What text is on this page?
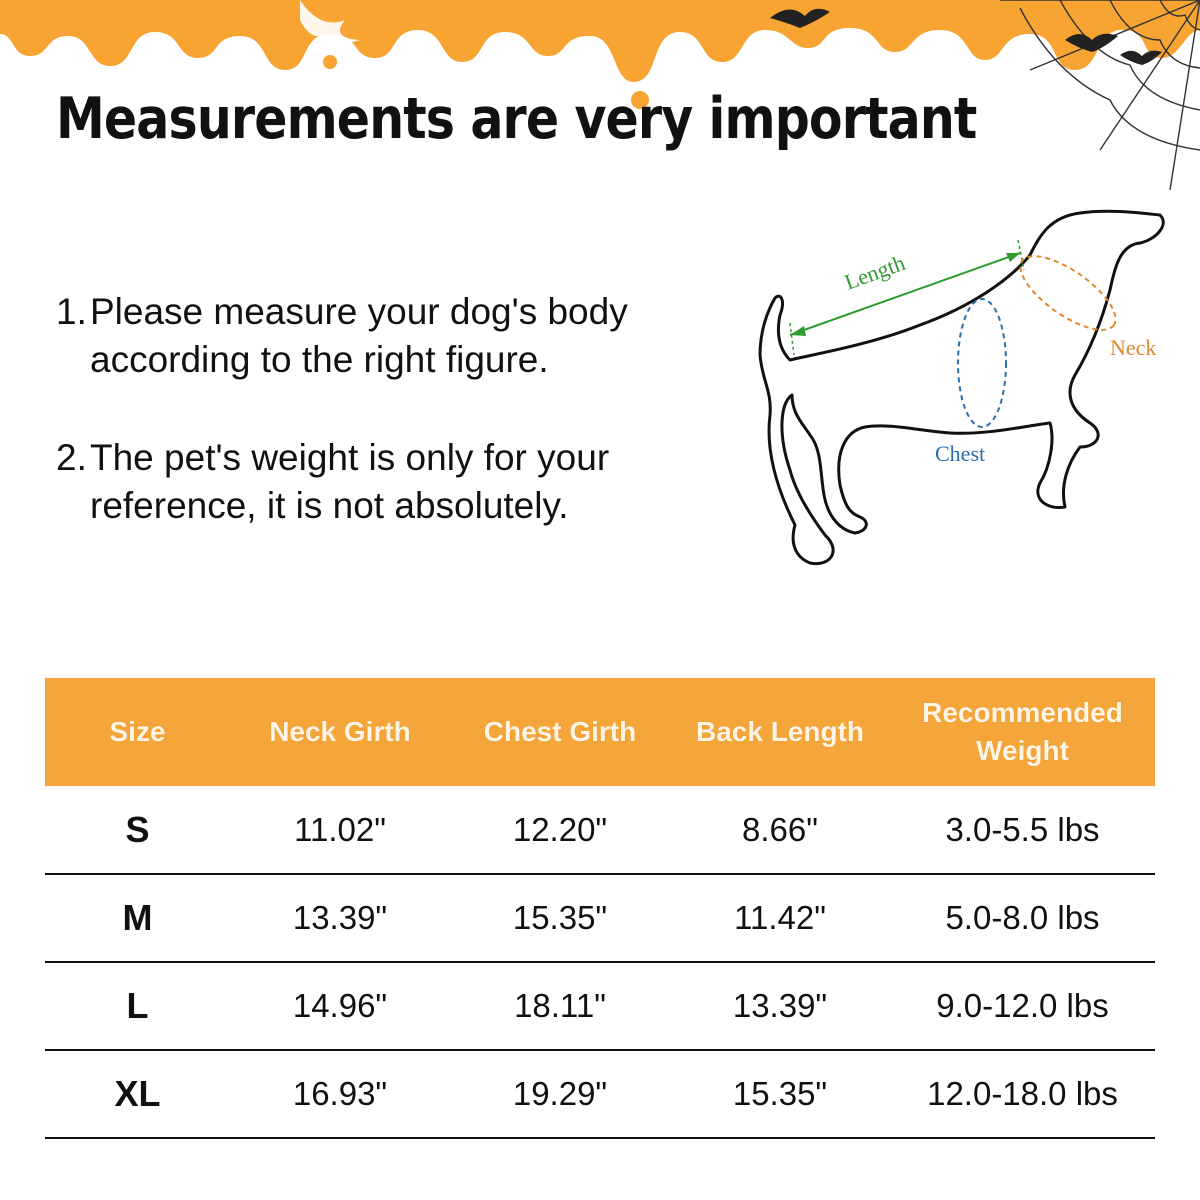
Measurements are very important

1.Please measure your dog's body
according to the right figure.

2.The pet's weight is only for your
reference, it is not absolutely.

Length
Chest
Neck
Size	Neck Girth	Chest Girth	Back Length	Recommended Weight
S	11.02"	12.20"	8.66"	3.0-5.5 lbs
M	13.39"	15.35"	11.42"	5.0-8.0 lbs
L	14.96"	18.11"	13.39"	9.0-12.0 lbs
XL	16.93"	19.29"	15.35"	12.0-18.0 lbs
